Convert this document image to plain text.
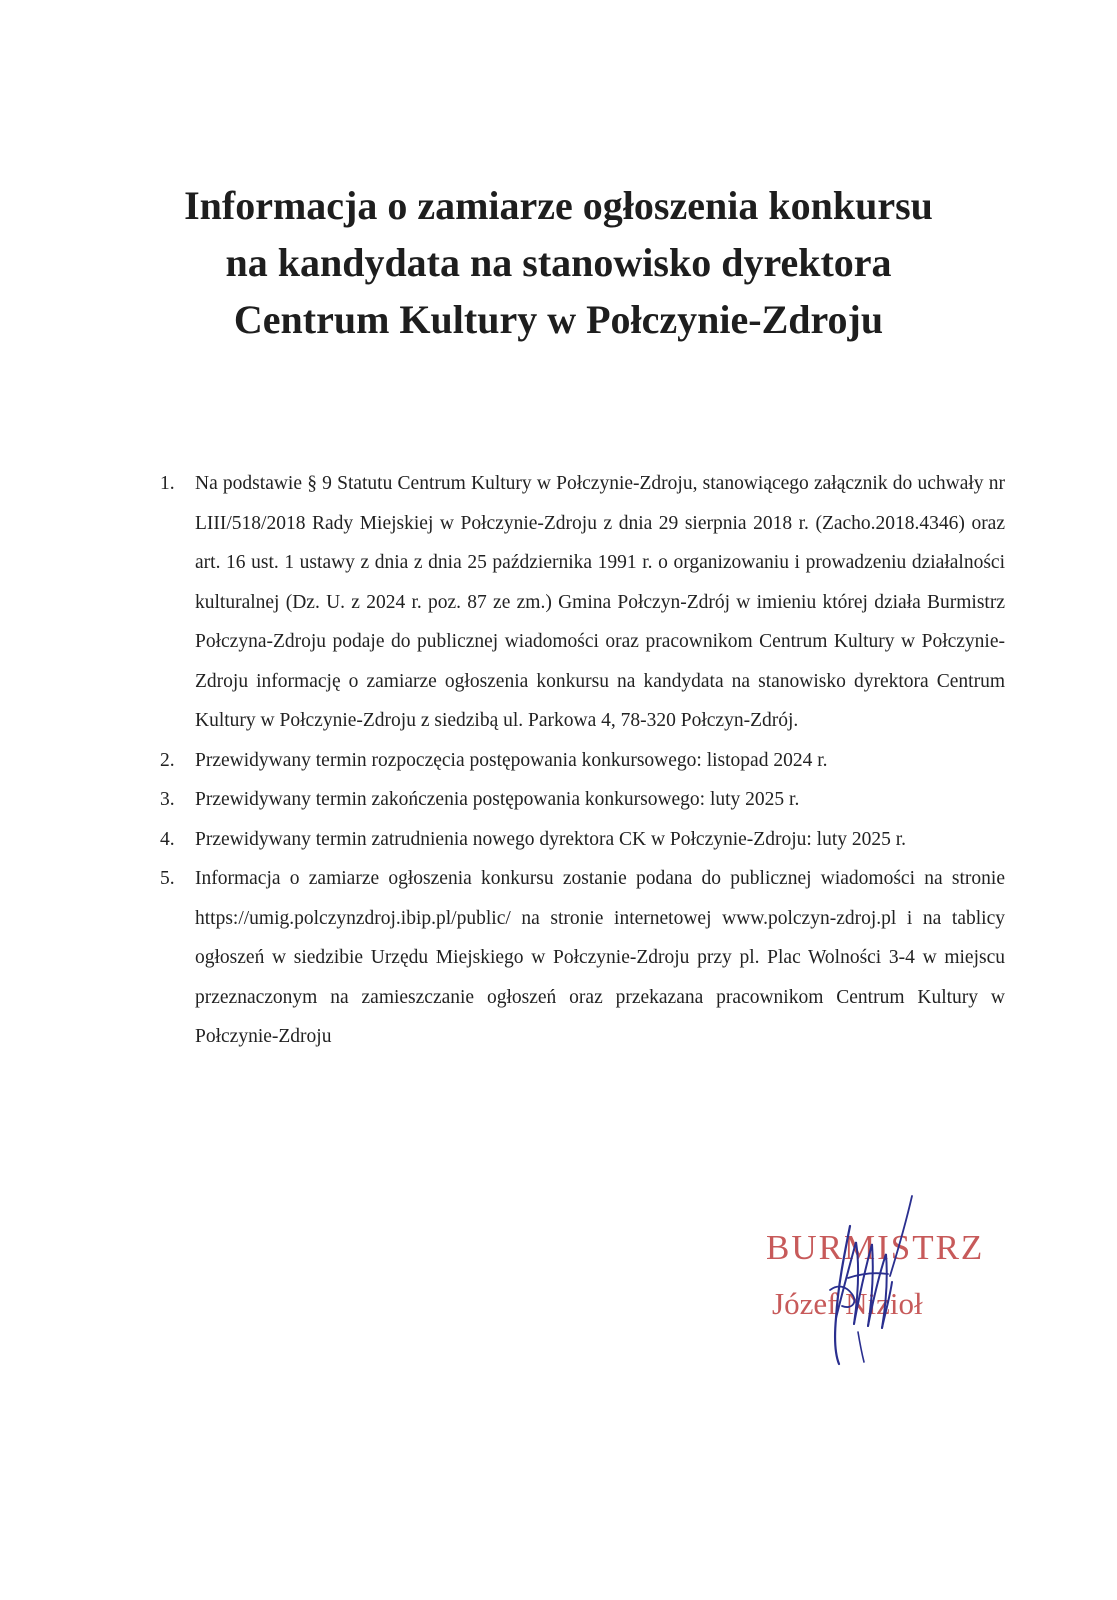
Informacja o zamiarze ogłoszenia konkursu
na kandydata na stanowisko dyrektora
Centrum Kultury w Połczynie-Zdroju
1. Na podstawie § 9 Statutu Centrum Kultury w Połczynie-Zdroju, stanowiącego załącznik do uchwały nr LIII/518/2018 Rady Miejskiej w Połczynie-Zdroju z dnia 29 sierpnia 2018 r. (Zacho.2018.4346) oraz art. 16 ust. 1 ustawy z dnia z dnia 25 października 1991 r. o organizowaniu i prowadzeniu działalności kulturalnej (Dz. U. z 2024 r. poz. 87 ze zm.) Gmina Połczyn-Zdrój w imieniu której działa Burmistrz Połczyna-Zdroju podaje do publicznej wiadomości oraz pracownikom Centrum Kultury w Połczynie-Zdroju informację o zamiarze ogłoszenia konkursu na kandydata na stanowisko dyrektora Centrum Kultury w Połczynie-Zdroju z siedzibą ul. Parkowa 4, 78-320 Połczyn-Zdrój.
2. Przewidywany termin rozpoczęcia postępowania konkursowego: listopad 2024 r.
3. Przewidywany termin zakończenia postępowania konkursowego: luty 2025 r.
4. Przewidywany termin zatrudnienia nowego dyrektora CK w Połczynie-Zdroju: luty 2025 r.
5. Informacja o zamiarze ogłoszenia konkursu zostanie podana do publicznej wiadomości na stronie https://umig.polczynzdroj.ibip.pl/public/ na stronie internetowej www.polczyn-zdroj.pl i na tablicy ogłoszeń w siedzibie Urzędu Miejskiego w Połczynie-Zdroju przy pl. Plac Wolności 3-4 w miejscu przeznaczonym na zamieszczanie ogłoszeń oraz przekazana pracownikom Centrum Kultury w Połczynie-Zdroju
BURMISTRZ
Józef Nizioł
